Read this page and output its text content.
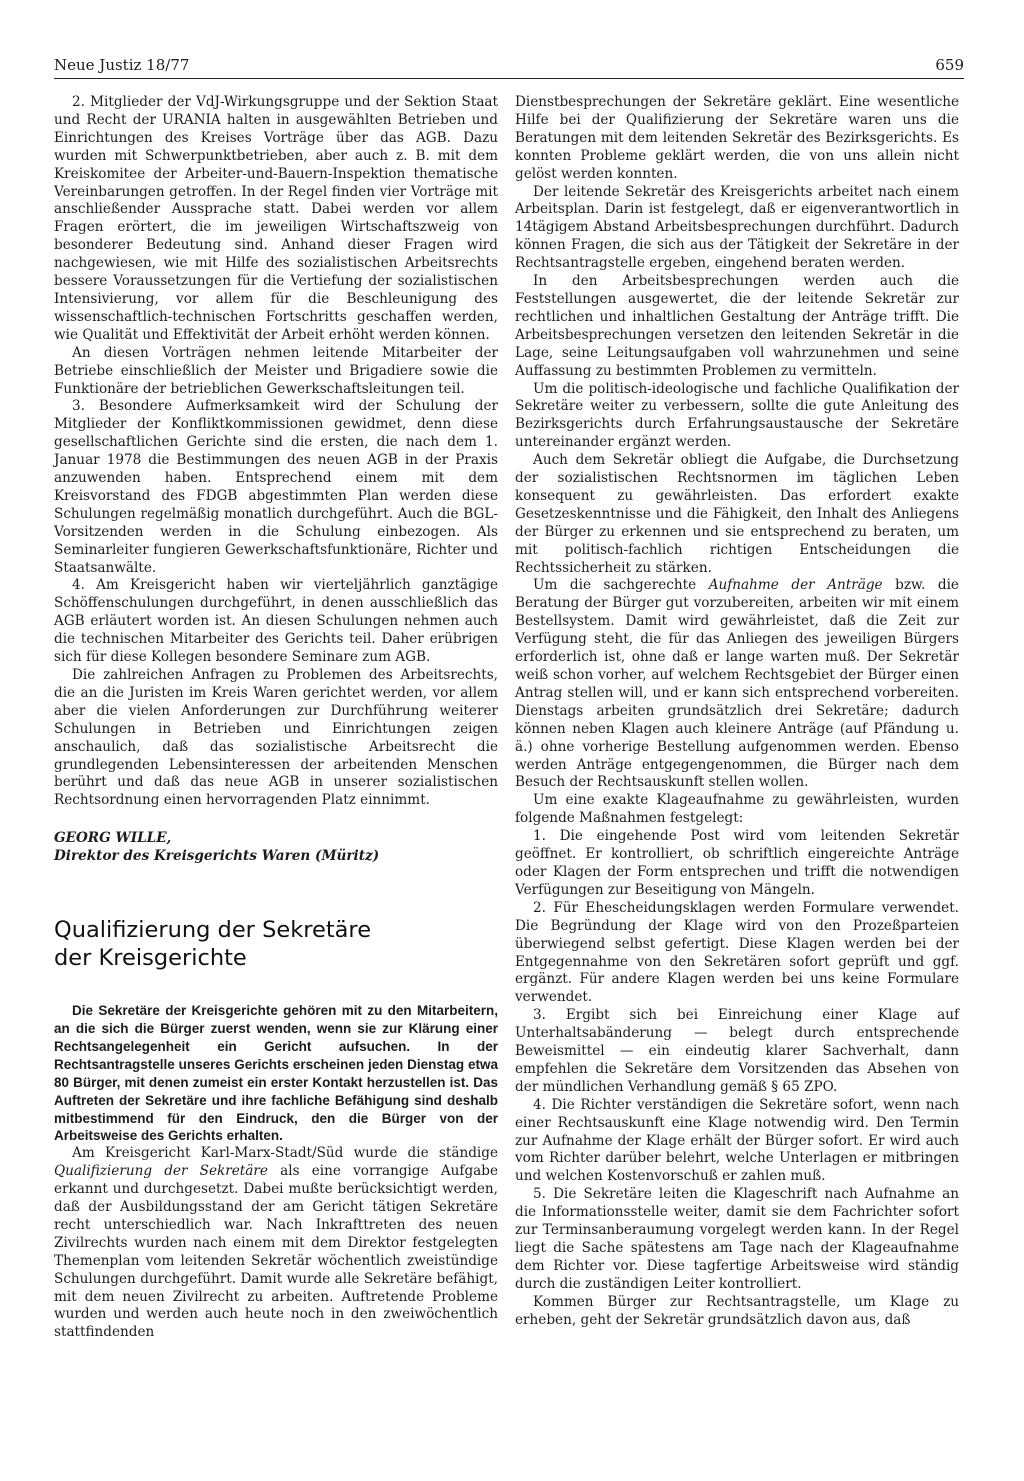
Neue Justiz 18/77	659

2. Mitglieder der VdJ-Wirkungsgruppe und der Sektion Staat und Recht der URANIA halten in ausgewählten Betrieben und Einrichtungen des Kreises Vorträge über das AGB. Dazu wurden mit Schwerpunktbetrieben, aber auch z. B. mit dem Kreiskomitee der Arbeiter-und-Bauern-Inspektion thematische Vereinbarungen getroffen. In der Regel finden vier Vorträge mit anschließender Aussprache statt. Dabei werden vor allem Fragen erörtert, die im jeweiligen Wirtschaftszweig von besonderer Bedeutung sind. Anhand dieser Fragen wird nachgewiesen, wie mit Hilfe des sozialistischen Arbeitsrechts bessere Voraussetzungen für die Vertiefung der sozialistischen Intensivierung, vor allem für die Beschleunigung des wissenschaftlich-technischen Fortschritts geschaffen werden, wie Qualität und Effektivität der Arbeit erhöht werden können.

An diesen Vorträgen nehmen leitende Mitarbeiter der Betriebe einschließlich der Meister und Brigadiere sowie die Funktionäre der betrieblichen Gewerkschaftsleitungen teil.

3. Besondere Aufmerksamkeit wird der Schulung der Mitglieder der Konfliktkommissionen gewidmet, denn diese gesellschaftlichen Gerichte sind die ersten, die nach dem 1. Januar 1978 die Bestimmungen des neuen AGB in der Praxis anzuwenden haben. Entsprechend einem mit dem Kreisvorstand des FDGB abgestimmten Plan werden diese Schulungen regelmäßig monatlich durchgeführt. Auch die BGL-Vorsitzenden werden in die Schulung einbezogen. Als Seminarleiter fungieren Gewerkschaftsfunktionäre, Richter und Staatsanwälte.

4. Am Kreisgericht haben wir vierteljährlich ganztägige Schöffenschulungen durchgeführt, in denen ausschließlich das AGB erläutert worden ist. An diesen Schulungen nehmen auch die technischen Mitarbeiter des Gerichts teil. Daher erübrigen sich für diese Kollegen besondere Seminare zum AGB.

Die zahlreichen Anfragen zu Problemen des Arbeitsrechts, die an die Juristen im Kreis Waren gerichtet werden, vor allem aber die vielen Anforderungen zur Durchführung weiterer Schulungen in Betrieben und Einrichtungen zeigen anschaulich, daß das sozialistische Arbeitsrecht die grundlegenden Lebensinteressen der arbeitenden Menschen berührt und daß das neue AGB in unserer sozialistischen Rechtsordnung einen hervorragenden Platz einnimmt.

GEORG WILLE,

Direktor des Kreisgerichts Waren (Müritz)

Qualifizierung der Sekretäre
der Kreisgerichte

Die Sekretäre der Kreisgerichte gehören mit zu den Mitarbeitern, an die sich die Bürger zuerst wenden, wenn sie zur Klärung einer Rechtsangelegenheit ein Gericht aufsuchen. In der Rechtsantragstelle unseres Gerichts erscheinen jeden Dienstag etwa 80 Bürger, mit denen zumeist ein erster Kontakt herzustellen ist. Das Auftreten der Sekretäre und ihre fachliche Befähigung sind deshalb mitbestimmend für den Eindruck, den die Bürger von der Arbeitsweise des Gerichts erhalten.

Am Kreisgericht Karl-Marx-Stadt/Süd wurde die ständige Qualifizierung der Sekretäre als eine vorrangige Aufgabe erkannt und durchgesetzt. Dabei mußte berücksichtigt werden, daß der Ausbildungsstand der am Gericht tätigen Sekretäre recht unterschiedlich war. Nach Inkrafttreten des neuen Zivilrechts wurden nach einem mit dem Direktor festgelegten Themenplan vom leitenden Sekretär wöchentlich zweistündige Schulungen durchgeführt. Damit wurde alle Sekretäre befähigt, mit dem neuen Zivilrecht zu arbeiten. Auftretende Probleme wurden und werden auch heute noch in den zweiwöchentlich stattfindenden

Dienstbesprechungen der Sekretäre geklärt. Eine wesentliche Hilfe bei der Qualifizierung der Sekretäre waren uns die Beratungen mit dem leitenden Sekretär des Bezirksgerichts. Es konnten Probleme geklärt werden, die von uns allein nicht gelöst werden konnten.

Der leitende Sekretär des Kreisgerichts arbeitet nach einem Arbeitsplan. Darin ist festgelegt, daß er eigenverantwortlich in 14tägigem Abstand Arbeitsbesprechungen durchführt. Dadurch können Fragen, die sich aus der Tätigkeit der Sekretäre in der Rechtsantragstelle ergeben, eingehend beraten werden.

In den Arbeitsbesprechungen werden auch die Feststellungen ausgewertet, die der leitende Sekretär zur rechtlichen und inhaltlichen Gestaltung der Anträge trifft. Die Arbeitsbesprechungen versetzen den leitenden Sekretär in die Lage, seine Leitungsaufgaben voll wahrzunehmen und seine Auffassung zu bestimmten Problemen zu vermitteln.

Um die politisch-ideologische und fachliche Qualifikation der Sekretäre weiter zu verbessern, sollte die gute Anleitung des Bezirksgerichts durch Erfahrungsaustausche der Sekretäre untereinander ergänzt werden.

Auch dem Sekretär obliegt die Aufgabe, die Durchsetzung der sozialistischen Rechtsnormen im täglichen Leben konsequent zu gewährleisten. Das erfordert exakte Gesetzeskenntnisse und die Fähigkeit, den Inhalt des Anliegens der Bürger zu erkennen und sie entsprechend zu beraten, um mit politisch-fachlich richtigen Entscheidungen die Rechtssicherheit zu stärken.

Um die sachgerechte Aufnahme der Anträge bzw. die Beratung der Bürger gut vorzubereiten, arbeiten wir mit einem Bestellsystem. Damit wird gewährleistet, daß die Zeit zur Verfügung steht, die für das Anliegen des jeweiligen Bürgers erforderlich ist, ohne daß er lange warten muß. Der Sekretär weiß schon vorher, auf welchem Rechtsgebiet der Bürger einen Antrag stellen will, und er kann sich entsprechend vorbereiten. Dienstags arbeiten grundsätzlich drei Sekretäre; dadurch können neben Klagen auch kleinere Anträge (auf Pfändung u. ä.) ohne vorherige Bestellung aufgenommen werden. Ebenso werden Anträge entgegengenommen, die Bürger nach dem Besuch der Rechtsauskunft stellen wollen.

Um eine exakte Klageaufnahme zu gewährleisten, wurden folgende Maßnahmen festgelegt:

1. Die eingehende Post wird vom leitenden Sekretär geöffnet. Er kontrolliert, ob schriftlich eingereichte Anträge oder Klagen der Form entsprechen und trifft die notwendigen Verfügungen zur Beseitigung von Mängeln.

2. Für Ehescheidungsklagen werden Formulare verwendet. Die Begründung der Klage wird von den Prozeßparteien überwiegend selbst gefertigt. Diese Klagen werden bei der Entgegennahme von den Sekretären sofort geprüft und ggf. ergänzt. Für andere Klagen werden bei uns keine Formulare verwendet.

3. Ergibt sich bei Einreichung einer Klage auf Unterhaltsabänderung — belegt durch entsprechende Beweismittel — ein eindeutig klarer Sachverhalt, dann empfehlen die Sekretäre dem Vorsitzenden das Absehen von der mündlichen Verhandlung gemäß § 65 ZPO.

4. Die Richter verständigen die Sekretäre sofort, wenn nach einer Rechtsauskunft eine Klage notwendig wird. Den Termin zur Aufnahme der Klage erhält der Bürger sofort. Er wird auch vom Richter darüber belehrt, welche Unterlagen er mitbringen und welchen Kostenvorschuß er zahlen muß.

5. Die Sekretäre leiten die Klageschrift nach Aufnahme an die Informationsstelle weiter, damit sie dem Fachrichter sofort zur Terminsanberaumung vorgelegt werden kann. In der Regel liegt die Sache spätestens am Tage nach der Klageaufnahme dem Richter vor. Diese tagfertige Arbeitsweise wird ständig durch die zuständigen Leiter kontrolliert.

Kommen Bürger zur Rechtsantragstelle, um Klage zu erheben, geht der Sekretär grundsätzlich davon aus, daß
